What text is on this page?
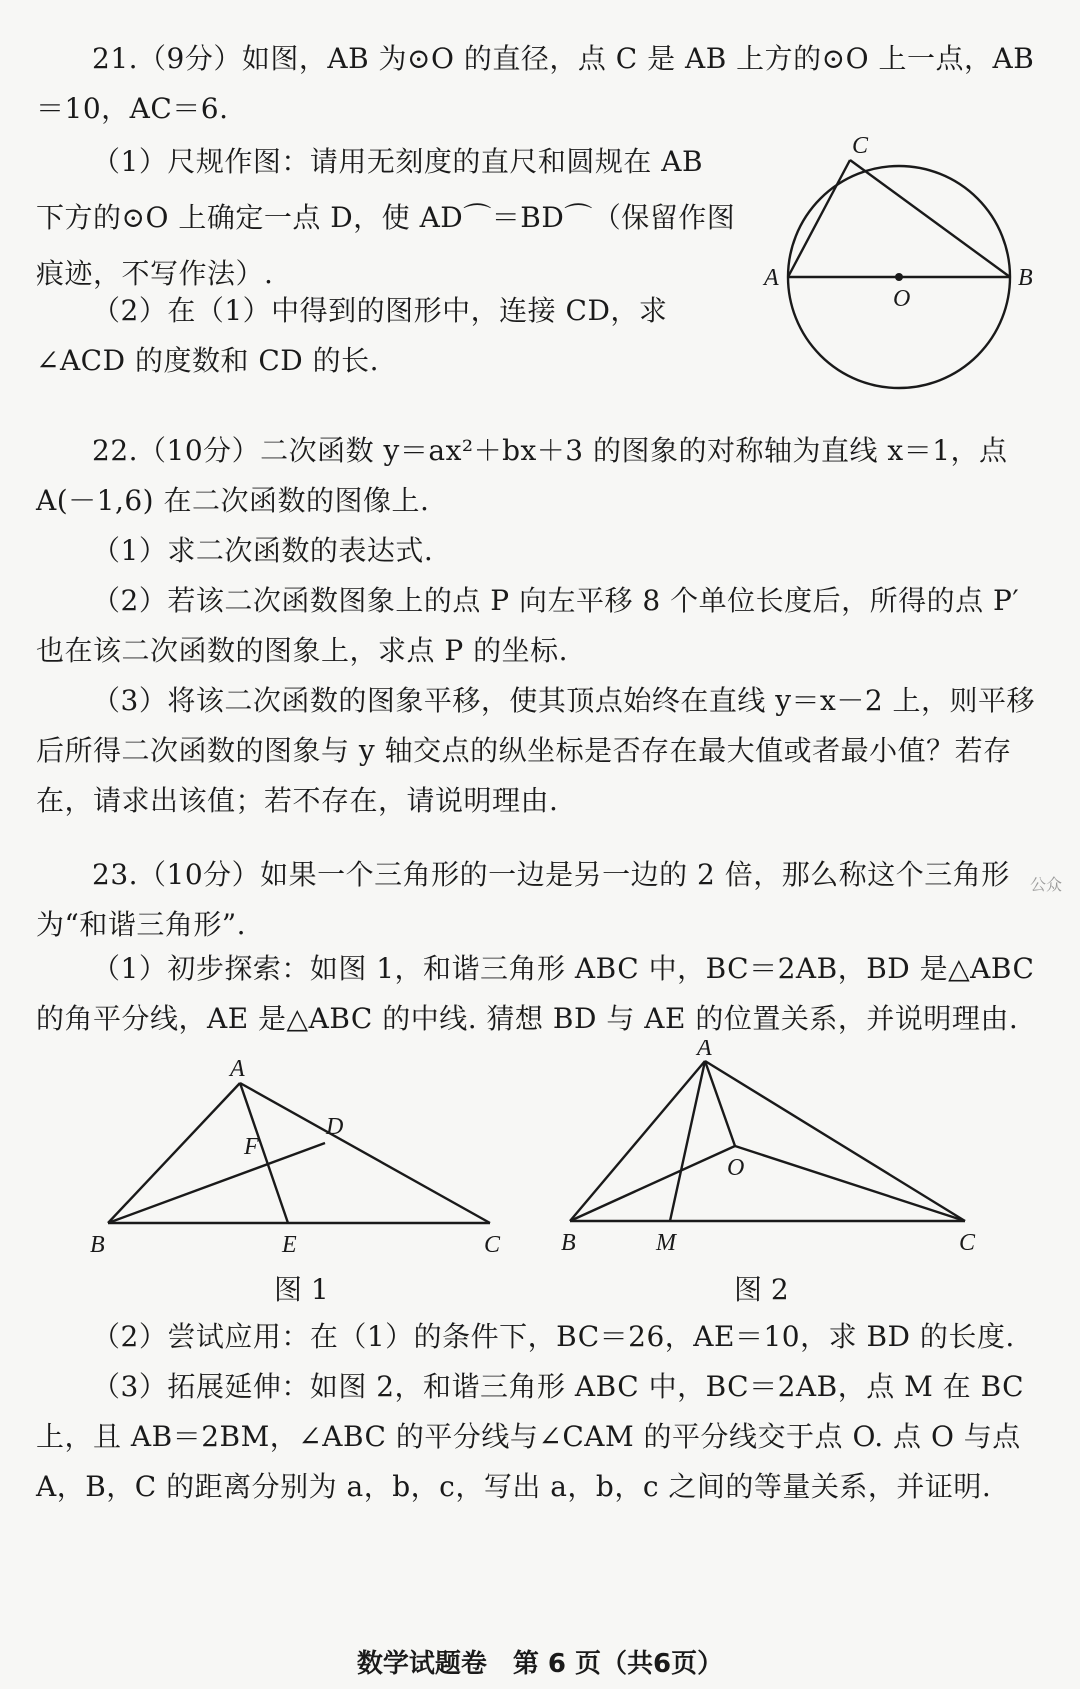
21.（9分）如图，AB 为⊙O 的直径，点 C 是 AB 上方的⊙O 上一点，AB＝10，AC＝6.
（1）尺规作图：请用无刻度的直尺和圆规在 AB 下方的⊙O 上确定一点 D，使 AD⌒＝BD⌒（保留作图痕迹，不写作法）.
（2）在（1）中得到的图形中，连接 CD，求∠ACD 的度数和 CD 的长.
C
A	B
O
22.（10分）二次函数 y＝ax²＋bx＋3 的图象的对称轴为直线 x＝1，点 A(－1,6) 在二次函数的图像上.
（1）求二次函数的表达式.
（2）若该二次函数图象上的点 P 向左平移 8 个单位长度后，所得的点 P′也在该二次函数的图象上，求点 P 的坐标.
（3）将该二次函数的图象平移，使其顶点始终在直线 y＝x－2 上，则平移后所得二次函数的图象与 y 轴交点的纵坐标是否存在最大值或者最小值？若存在，请求出该值；若不存在，请说明理由.
23.（10分）如果一个三角形的一边是另一边的 2 倍，那么称这个三角形为“和谐三角形”.
公众
（1）初步探索：如图 1，和谐三角形 ABC 中，BC＝2AB，BD 是△ABC 的角平分线，AE 是△ABC 的中线. 猜想 BD 与 AE 的位置关系，并说明理由.
A
D
F
B	E	C
图 1
A
O
B	M	C
图 2
（2）尝试应用：在（1）的条件下，BC＝26，AE＝10，求 BD 的长度.
（3）拓展延伸：如图 2，和谐三角形 ABC 中，BC＝2AB，点 M 在 BC 上，且 AB＝2BM，∠ABC 的平分线与∠CAM 的平分线交于点 O. 点 O 与点 A，B，C 的距离分别为 a，b，c，写出 a，b，c 之间的等量关系，并证明.
数学试题卷　第 6 页（共6页）
